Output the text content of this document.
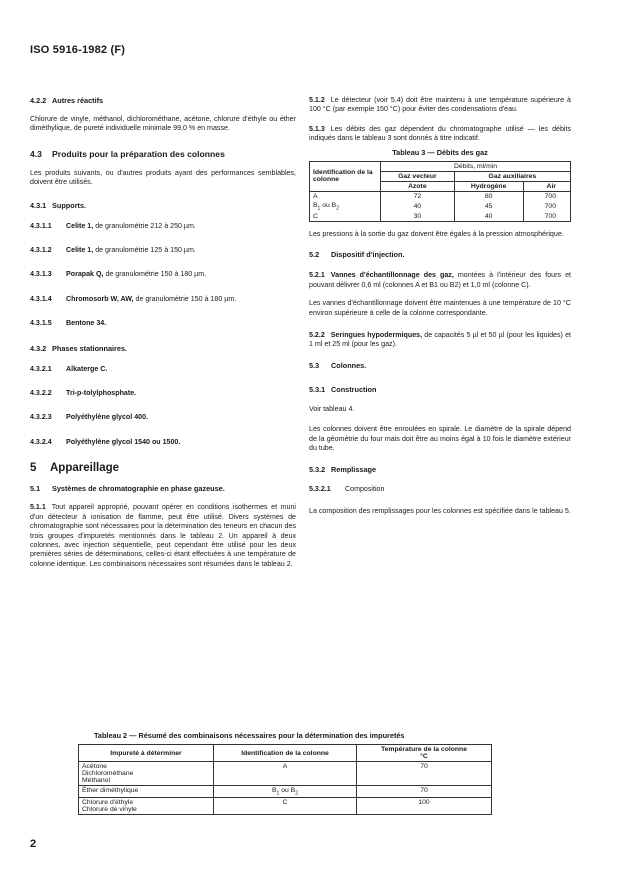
ISO 5916-1982 (F)

4.2.2 Autres réactifs

Chlorure de vinyle, méthanol, dichlorométhane, acétone, chlorure d'éthyle ou éther diméthylique, de pureté individuelle minimale 99,0 % en masse.

4.3 Produits pour la préparation des colonnes

Les produits suivants, ou d'autres produits ayant des performances semblables, doivent être utilisés.

4.3.1 Supports.

4.3.1.1 Celite 1, de granulométrie 212 à 250 µm.

4.3.1.2 Celite 1, de granulométrie 125 à 150 µm.

4.3.1.3 Porapak Q, de granulométrie 150 à 180 µm.

4.3.1.4 Chromosorb W, AW, de granulométrie 150 à 180 µm.

4.3.1.5 Bentone 34.

4.3.2 Phases stationnaires.

4.3.2.1 Alkaterge C.

4.3.2.2 Tri-p-tolylphosphate.

4.3.2.3 Polyéthylène glycol 400.

4.3.2.4 Polyéthylène glycol 1540 ou 1500.

5 Appareillage

5.1 Systèmes de chromatographie en phase gazeuse.

5.1.1 Tout appareil approprié, pouvant opérer en conditions isothermes et muni d'un détecteur à ionisation de flamme, peut être utilisé. Divers systèmes de chromatographie sont nécessaires pour la détermination des teneurs en chacun des trois groupes d'impuretés mentionnés dans le tableau 2. Un appareil à deux colonnes, avec injection séquentielle, peut cependant être utilisé pour les deux premières séries de déterminations, celles-ci étant effectuées à une température de colonne identique. Les combinaisons nécessaires sont résumées dans le tableau 2.

5.1.2 Le détecteur (voir 5.4) doit être maintenu à une température supérieure à 100 °C (par exemple 150 °C) pour éviter des condensations d'eau.

5.1.3 Les débits des gaz dépendent du chromatographe utilisé — les débits indiqués dans le tableau 3 sont donnés à titre indicatif.

Tableau 3 — Débits des gaz

Identification de la colonne	Débits, ml/min		
	Gaz vecteur	Gaz auxiliaires	
	Azote	Hydrogène	Air
A	72	80	700
$B_1$ ou $B_2$	40	45	700
C	30	40	700

Les pressions à la sortie du gaz doivent être égales à la pression atmosphérique.

5.2 Dispositif d'injection.

5.2.1 Vannes d'échantillonnage des gaz, montées à l'intérieur des fours et pouvant délivrer 0,6 ml (colonnes A et B1 ou B2) et 1,0 ml (colonne C).

Les vannes d'échantillonnage doivent être maintenues à une température de 10 °C environ supérieure à celle de la colonne correspondante.

5.2.2 Seringues hypodermiques, de capacités 5 µl et 50 µl (pour les liquides) et 1 ml et 25 ml (pour les gaz).

5.3 Colonnes.

5.3.1 Construction

Voir tableau 4.

Les colonnes doivent être enroulées en spirale. Le diamètre de la spirale dépend de la géométrie du four mais doit être au moins égal à 10 fois le diamètre extérieur du tube.

5.3.2 Remplissage

5.3.2.1 Composition

La composition des remplissages pour les colonnes est spécifiée dans le tableau 5.

Tableau 2 — Résumé des combinaisons nécessaires pour la détermination des impuretés

Impureté à déterminer	Identification de la colonne	Température de la colonne
°C

Acétone
Dichlorométhane
Méthanol	A	70
Éther diméthylique	$B_1$ ou $B_2$	70
Chlorure d'éthyle
Chlorure de vinyle	C	100
2
